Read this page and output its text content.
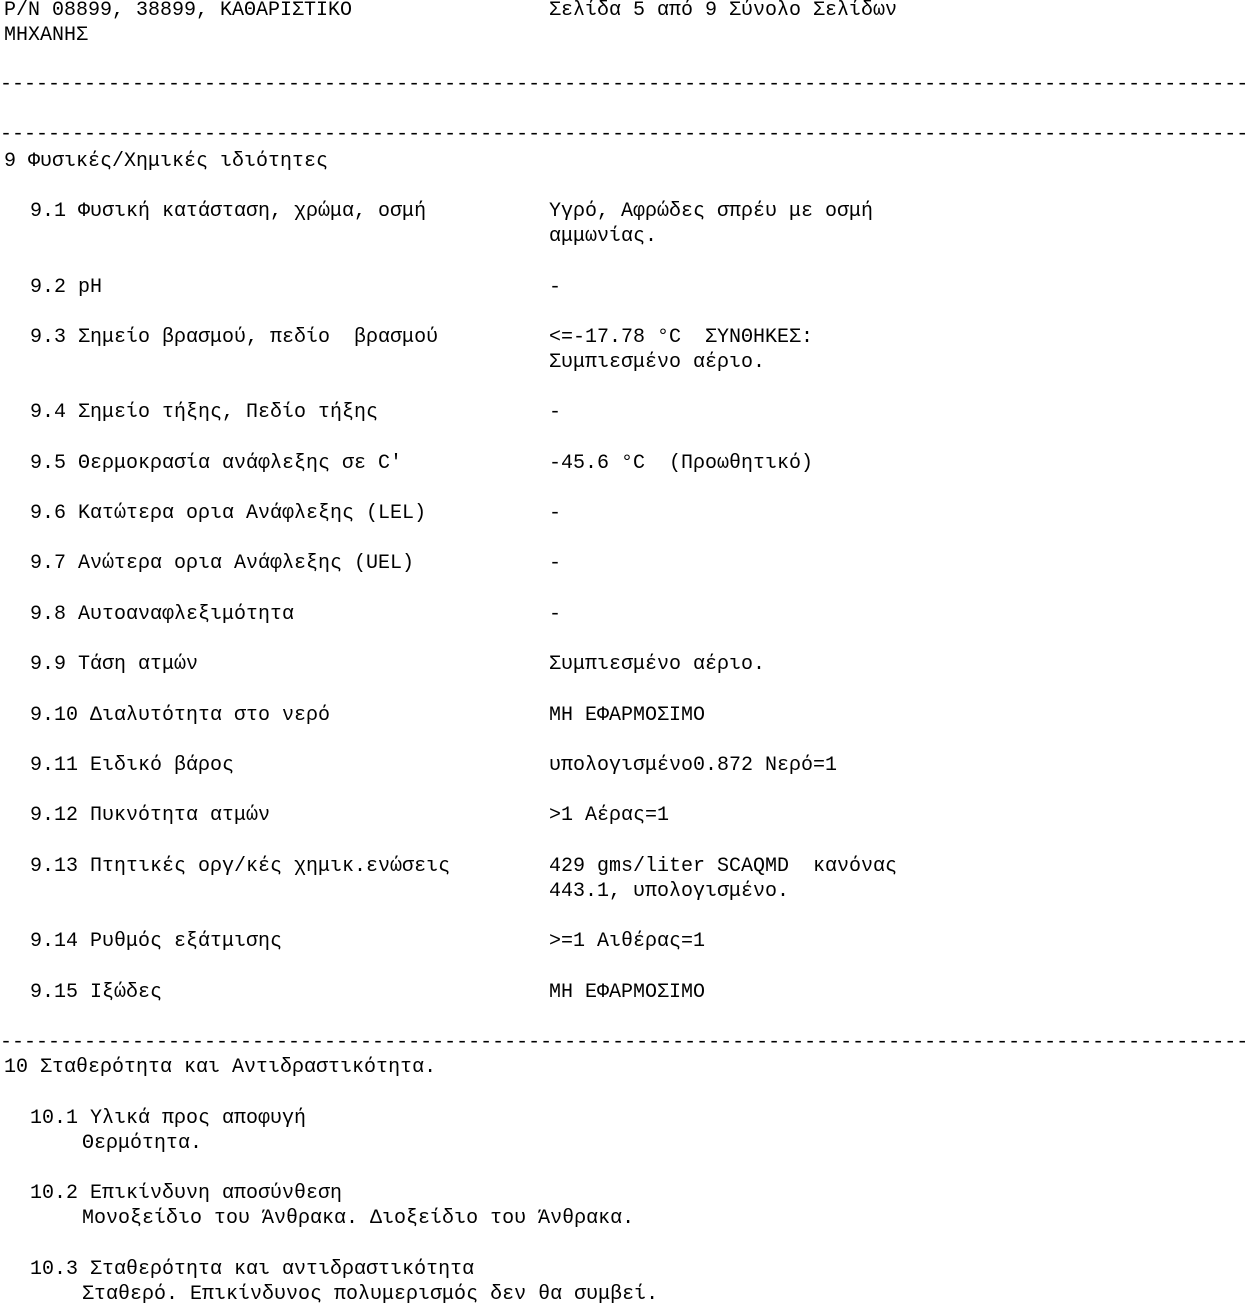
P/N 08899, 38899, ΚΑΘΑΡΙΣΤΙΚΟ	Σελίδα 5 από 9 Σύνολο Σελίδων
ΜΗΧΑΝΗΣ
--------------------------------------------------------------------------------------------------------
--------------------------------------------------------------------------------------------------------
9 Φυσικές/Χημικές ιδιότητες
9.1 Φυσική κατάσταση, χρώμα, οσμή	Υγρό, Αφρώδες σπρέυ με οσμή
αμμωνίας.
9.2 pH	-
9.3 Σημείο βρασμού, πεδίο  βρασμού	<=-17.78 °C  ΣΥΝΘΗΚΕΣ:
Συμπιεσμένο αέριο.
9.4 Σημείο τήξης, Πεδίο τήξης	-
9.5 Θερμοκρασία ανάφλεξης σε C'	-45.6 °C  (Προωθητικό)
9.6 Κατώτερα ορια Ανάφλεξης (LEL)	-
9.7 Ανώτερα ορια Ανάφλεξης (UEL)	-
9.8 Αυτοαναφλεξιμότητα	-
9.9 Τάση ατμών	Συμπιεσμένο αέριο.
9.10 Διαλυτότητα στο νερό	ΜΗ ΕΦΑΡΜΟΣΙΜΟ
9.11 Ειδικό βάρος	υπολογισμένο0.872 Νερό=1
9.12 Πυκνότητα ατμών	>1 Αέρας=1
9.13 Πτητικές οργ/κές χημικ.ενώσεις	429 gms/liter SCAQMD  κανόνας
443.1, υπολογισμένο.
9.14 Ρυθμός εξάτμισης	>=1 Αιθέρας=1
9.15 Ιξώδες	ΜΗ ΕΦΑΡΜΟΣΙΜΟ
--------------------------------------------------------------------------------------------------------
10 Σταθερότητα και Αντιδραστικότητα.
10.1 Υλικά προς αποφυγή
Θερμότητα.
10.2 Επικίνδυνη αποσύνθεση
Μονοξείδιο του Άνθρακα. Διοξείδιο του Άνθρακα.
10.3 Σταθερότητα και αντιδραστικότητα
Σταθερό. Επικίνδυνος πολυμερισμός δεν θα συμβεί.
